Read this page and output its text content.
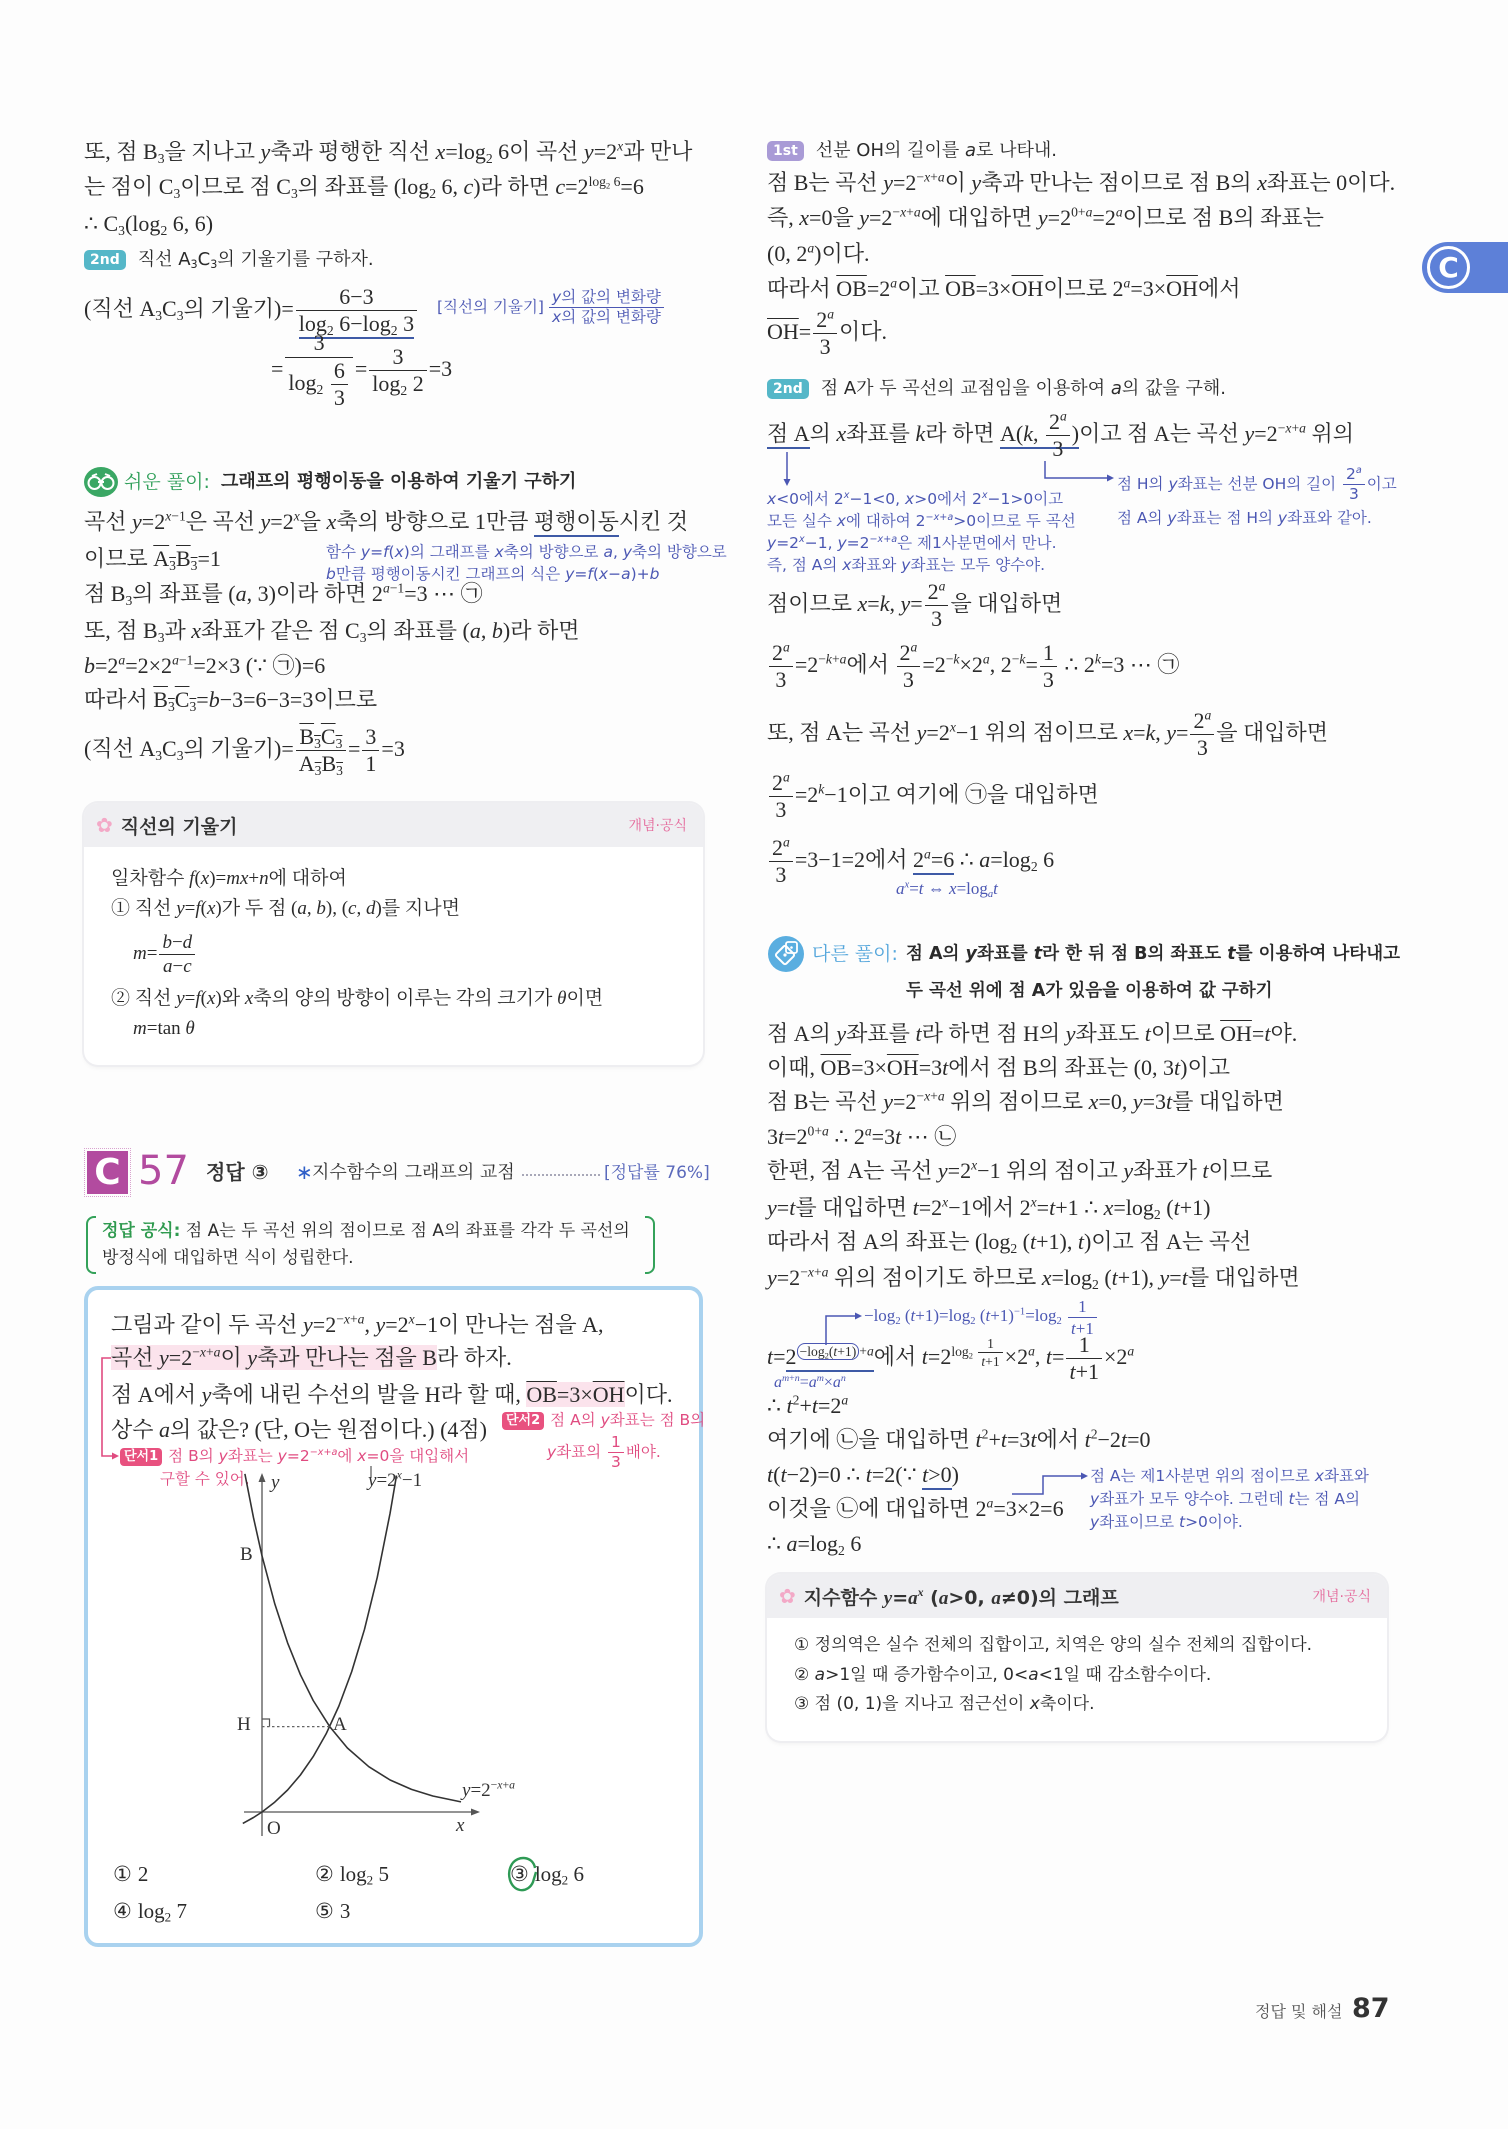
또, 점 $B_3$을 지나고 y축과 평행한 직선 $x=\log_2$ 6이 곡선 $y=2^x$과 만나
는 점이 $C_3$이므로 점 $C_3$의 좌표를 ($\log_2$ 6, c)라 하면 $c=2^{log_2 6}=6$
∴ $C_3(\log_2$ 6, 6)
2nd 직선 $A_3C_3$의 기울기를 구하자.
(직선 $A_3C_3$의 기울기)= $\frac{6-3}{\log_2 6-\log_2 3}$ [직선의 기울기] $\frac{\text{y의 값의 변화량}}{\text{x의 값의 변화량}}$
= $\frac{3}{\log_2 \frac{6}{3}} = \frac{3}{\log_2 2} =3$
쉬운 풀이: 그래프의 평행이동을 이용하여 기울기 구하기
곡선 $y=2^{x-1}$은 곡선 $y=2^x$을 x축의 방향으로 1만큼 평행이동시킨 것
이므로 $A_3B_3=1$	함수 y=f(x)의 그래프를 x축의 방향으로 a, y축의 방향으로
b만큼 평행이동시킨 그래프의 식은 y=f(x−a)+b
점 $B_3$의 좌표를 (a, 3)이라 하면 $2^{a-1}=3$ ⋯ ㉠
또, 점 $B_3$과 x좌표가 같은 점 $C_3$의 좌표를 (a, b)라 하면
$b=2^a=2\times 2^{a-1}=2\times 3$ (∵ ㉠)=6
따라서 $B_3C_3=b-3=6-3=3$이므로
(직선 $A_3C_3$의 기울기)= $\frac{B_3C_3}{A_3B_3} = \frac{3}{1} =3$
✿ 직선의 기울기	개념·공식
일차함수 f(x)=mx+n에 대하여
① 직선 y=f(x)가 두 점 (a, b), (c, d)를 지나면
$m= \frac{b-d}{a-c}$
② 직선 y=f(x)와 x축의 양의 방향이 이루는 각의 크기가 θ이면
m=tan θ
C 57 정답 ③ ∗ 지수함수의 그래프의 교점	[정답률 76%]
정답 공식: 점 A는 두 곡선 위의 점이므로 점 A의 좌표를 각각 두 곡선의
방정식에 대입하면 식이 성립한다.
그림과 같이 두 곡선 $y=2^{-x+a}$, $y=2^x-1$이 만나는 점을 A,
곡선 $y=2^{-x+a}$이 y축과 만나는 점을 B라 하자.
점 A에서 y축에 내린 수선의 발을 H라 할 때, $\overline{OB}=3\times\overline{OH}$이다.
상수 a의 값은? (단, O는 원점이다.) (4점)
단서1 점 B의 y좌표는 $y=2^{-x+a}$에 x=0을 대입해서
구할 수 있어.
단서2 점 A의 y좌표는 점 B의
y좌표의 $\frac{1}{3}$ 배야.
y	$y=2^x-1$
B
H	A
$y=2^{-x+a}$
x
O
① 2	② $\log_2 5$	③ $\log_2 6$
④ $\log_2 7$	⑤ 3
1st 선분 OH의 길이를 a로 나타내.
점 B는 곡선 $y=2^{-x+a}$이 y축과 만나는 점이므로 점 B의 x좌표는 0이다.
즉, x=0을 $y=2^{-x+a}$에 대입하면 $y=2^{0+a}=2^a$이므로 점 B의 좌표는
(0, 2$^a$)이다.
따라서 $\overline{OB}=2^a$이고 $\overline{OB}=3\times\overline{OH}$이므로 $2^a=3\times\overline{OH}$에서
$\overline{OH}= \frac{2^a}{3}$ 이다.
2nd 점 A가 두 곡선의 교점임을 이용하여 a의 값을 구해.
점 A의 x좌표를 k라 하면 A(k, $\frac{2^a}{3}$ )이고 점 A는 곡선 $y=2^{-x+a}$ 위의
x<0에서 $2^x-1<0$, x>0에서 $2^x-1>0$이고
모든 실수 x에 대하여 $2^{-x+a}>0$이므로 두 곡선
$y=2^x-1$, $y=2^{-x+a}$은 제1사분면에서 만나.
즉, 점 A의 x좌표와 y좌표는 모두 양수야.
점 H의 y좌표는 선분 OH의 길이 $\frac{2^a}{3}$ 이고
점 A의 y좌표는 점 H의 y좌표와 같아.
점이므로 x=k, $y= \frac{2^a}{3}$ 을 대입하면
$\frac{2^a}{3} =2^{-k+a}$에서 $\frac{2^a}{3} =2^{-k}\times 2^a$, $2^{-k}= \frac{1}{3}$ ∴ $2^k=3$ ⋯ ㉠
또, 점 A는 곡선 $y=2^x-1$ 위의 점이므로 x=k, $y= \frac{2^a}{3}$ 을 대입하면
$\frac{2^a}{3} =2^k-1$이고 여기에 ㉠을 대입하면
$\frac{2^a}{3} =3-1=2$에서 $2^a=6$ ∴ $a=\log_2$ 6
$a^x=t$ ⇔ $x=\log_at$
다른 풀이: 점 A의 y좌표를 t라 한 뒤 점 B의 좌표도 t를 이용하여 나타내고
두 곡선 위에 점 A가 있음을 이용하여 값 구하기
점 A의 y좌표를 t라 하면 점 H의 y좌표도 t이므로 $\overline{OH}=t$야.
이때, $\overline{OB}=3\times\overline{OH}=3t$에서 점 B의 좌표는 (0, 3t)이고
점 B는 곡선 $y=2^{-x+a}$ 위의 점이므로 x=0, y=3t를 대입하면
$3t=2^{0+a}$ ∴ $2^a=3t$ ⋯ ㉡
한편, 점 A는 곡선 $y=2^x-1$ 위의 점이고 y좌표가 t이므로
y=t를 대입하면 $t=2^x-1$에서 $2^x=t+1$ ∴ $x=\log_2$ (t+1)
따라서 점 A의 좌표는 ($\log_2$ (t+1), t)이고 점 A는 곡선
$y=2^{-x+a}$ 위의 점이기도 하므로 $x=\log_2$ (t+1), y=t를 대입하면
$-\log_2$ $(t+1)=\log_2$ $(t+1)^{-1}=\log_2 \frac{1}{t+1}$
t=2 $^{-log_2(t+1) +a}$에서 $t=2^{log_2 \frac{1}{t+1}} \times 2^a$, $t= \frac{1}{t+1} \times 2^a$
$a^{m+n}=a^m\times a^n$
∴ $t^2+t=2^a$
여기에 ㉡을 대입하면 $t^2+t=3t$에서 $t^2-2t=0$
t(t−2)=0 ∴ t=2(∵ t>0)
이것을 ㉡에 대입하면 $2^a=3\times 2=6$
∴ $a=\log_2$ 6
점 A는 제1사분면 위의 점이므로 x좌표와
y좌표가 모두 양수야. 그런데 t는 점 A의
y좌표이므로 t>0이야.
✿ 지수함수 $y=a^x$ (a>0, a≠0)의 그래프	개념·공식
① 정의역은 실수 전체의 집합이고, 치역은 양의 실수 전체의 집합이다.
② a>1일 때 증가함수이고, 0<a<1일 때 감소함수이다.
③ 점 (0, 1)을 지나고 점근선이 x축이다.
C
정답 및 해설 87
